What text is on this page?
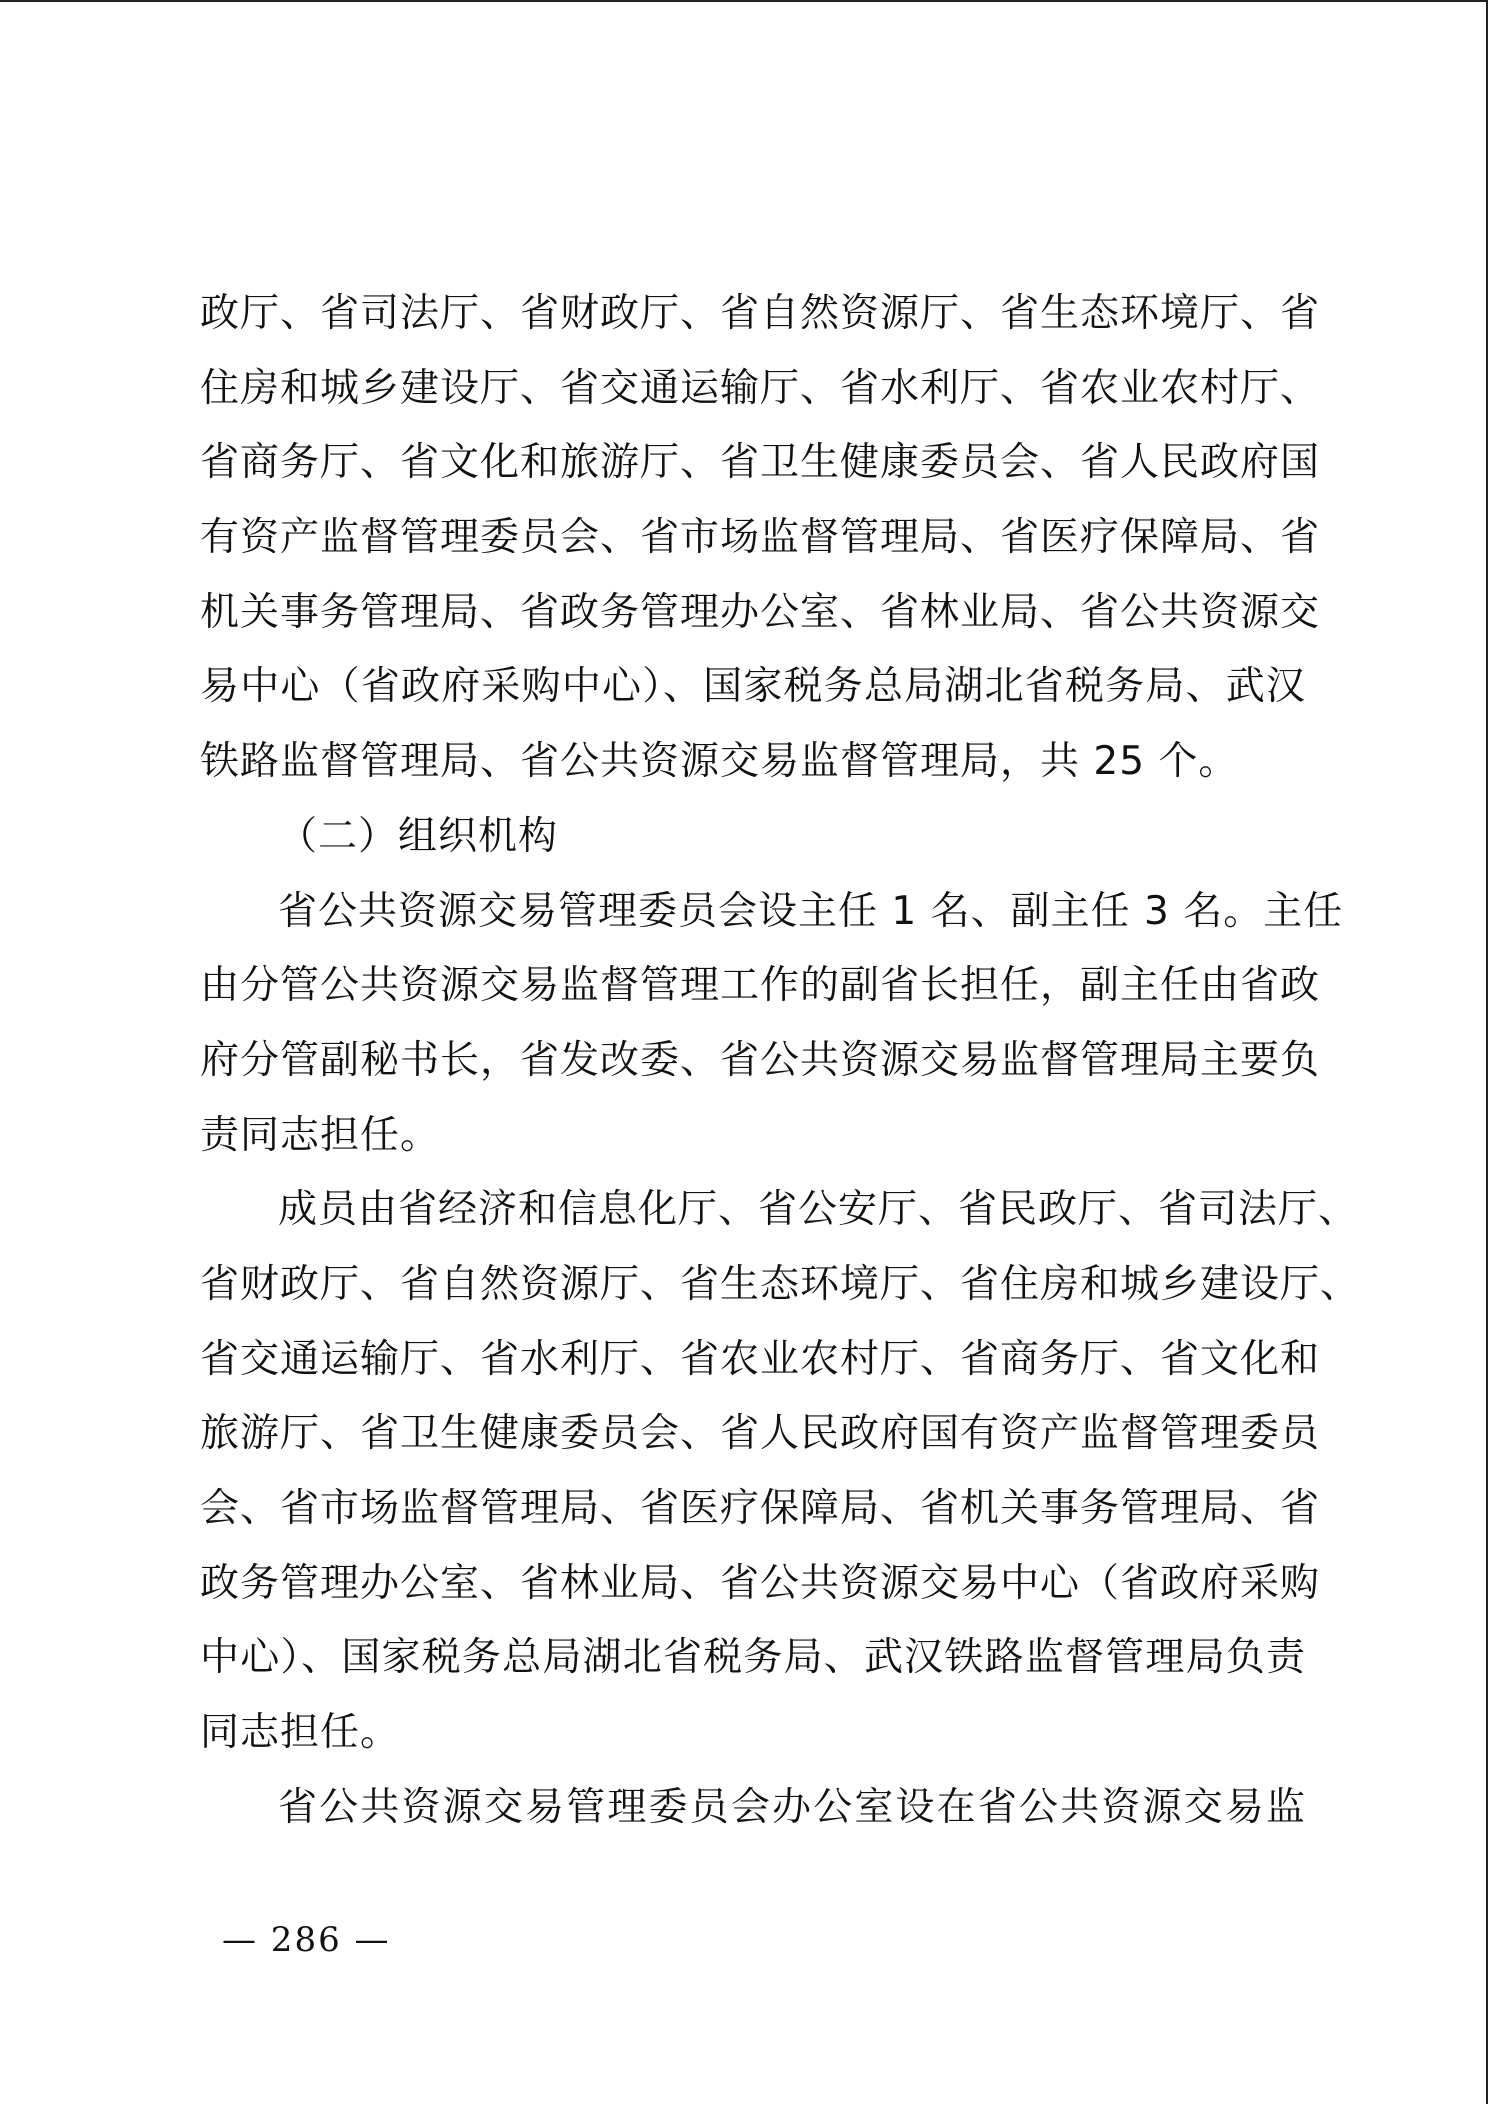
政厅、省司法厅、省财政厅、省自然资源厅、省生态环境厅、省
住房和城乡建设厅、省交通运输厅、省水利厅、省农业农村厅、
省商务厅、省文化和旅游厅、省卫生健康委员会、省人民政府国
有资产监督管理委员会、省市场监督管理局、省医疗保障局、省
机关事务管理局、省政务管理办公室、省林业局、省公共资源交
易中心（省政府采购中心）、国家税务总局湖北省税务局、武汉
铁路监督管理局、省公共资源交易监督管理局，共 25 个。
（二）组织机构
省公共资源交易管理委员会设主任 1 名、副主任 3 名。主任
由分管公共资源交易监督管理工作的副省长担任，副主任由省政
府分管副秘书长，省发改委、省公共资源交易监督管理局主要负
责同志担任。
成员由省经济和信息化厅、省公安厅、省民政厅、省司法厅、
省财政厅、省自然资源厅、省生态环境厅、省住房和城乡建设厅、
省交通运输厅、省水利厅、省农业农村厅、省商务厅、省文化和
旅游厅、省卫生健康委员会、省人民政府国有资产监督管理委员
会、省市场监督管理局、省医疗保障局、省机关事务管理局、省
政务管理办公室、省林业局、省公共资源交易中心（省政府采购
中心）、国家税务总局湖北省税务局、武汉铁路监督管理局负责
同志担任。
省公共资源交易管理委员会办公室设在省公共资源交易监
— 286 —
